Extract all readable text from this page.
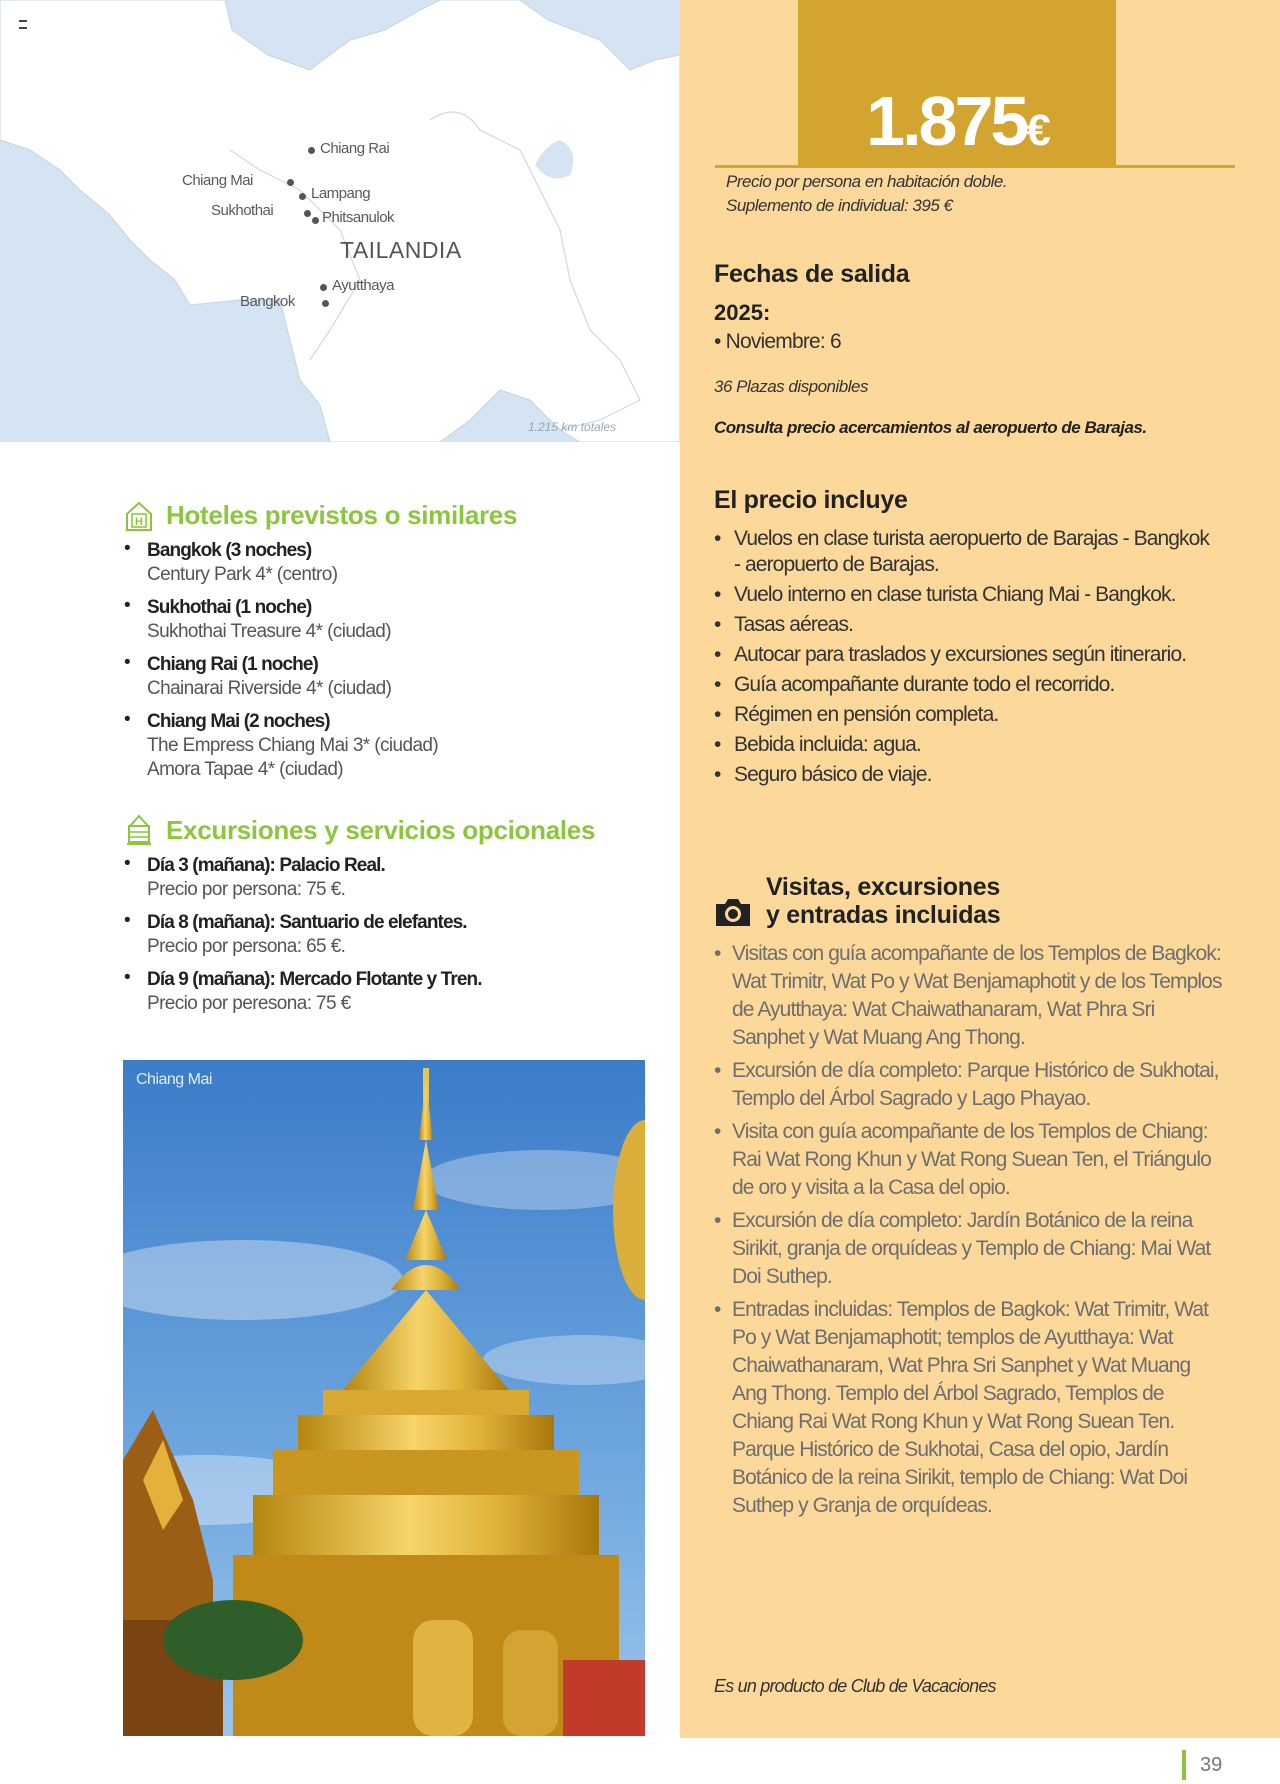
Chiang Rai
Chiang Mai
Lampang
Sukhothai	Phitsanulok
TAILANDIA
Ayutthaya
Bangkok
1.215 km totales
H Hoteles previstos o similares
• Bangkok (3 noches)
Century Park 4* (centro)
• Sukhothai (1 noche)
Sukhothai Treasure 4* (ciudad)
• Chiang Rai (1 noche)
Chainarai Riverside 4* (ciudad)
• Chiang Mai (2 noches)
The Empress Chiang Mai 3* (ciudad)
Amora Tapae 4* (ciudad)
Excursiones y servicios opcionales
• Día 3 (mañana): Palacio Real.
Precio por persona: 75 €.
• Día 8 (mañana): Santuario de elefantes.
Precio por persona: 65 €.
• Día 9 (mañana): Mercado Flotante y Tren.
Precio por peresona: 75 €
Chiang Mai
1.875€
Precio por persona en habitación doble.
Suplemento de individual: 395 €
Fechas de salida
2025:
• Noviembre: 6
36 Plazas disponibles
Consulta precio acercamientos al aeropuerto de Barajas.
El precio incluye
• Vuelos en clase turista aeropuerto de Barajas - Bangkok - aeropuerto de Barajas.
• Vuelo interno en clase turista Chiang Mai - Bangkok.
• Tasas aéreas.
• Autocar para traslados y excursiones según itinerario.
• Guía acompañante durante todo el recorrido.
• Régimen en pensión completa.
• Bebida incluida: agua.
• Seguro básico de viaje.
Visitas, excursiones
y entradas incluidas
• Visitas con guía acompañante de los Templos de Bagkok: Wat Trimitr, Wat Po y Wat Benjamaphotit y de los Templos de Ayutthaya: Wat Chaiwathanaram, Wat Phra Sri Sanphet y Wat Muang Ang Thong.
• Excursión de día completo: Parque Histórico de Sukhotai, Templo del Árbol Sagrado y Lago Phayao.
• Visita con guía acompañante de los Templos de Chiang: Rai Wat Rong Khun y Wat Rong Suean Ten, el Triángulo de oro y visita a la Casa del opio.
• Excursión de día completo: Jardín Botánico de la reina Sirikit, granja de orquídeas y Templo de Chiang: Mai Wat Doi Suthep.
• Entradas incluidas: Templos de Bagkok: Wat Trimitr, Wat Po y Wat Benjamaphotit; templos de Ayutthaya: Wat Chaiwathanaram, Wat Phra Sri Sanphet y Wat Muang Ang Thong. Templo del Árbol Sagrado, Templos de Chiang Rai Wat Rong Khun y Wat Rong Suean Ten. Parque Histórico de Sukhotai, Casa del opio, Jardín Botánico de la reina Sirikit, templo de Chiang: Wat Doi Suthep y Granja de orquídeas.
Es un producto de Club de Vacaciones
39
